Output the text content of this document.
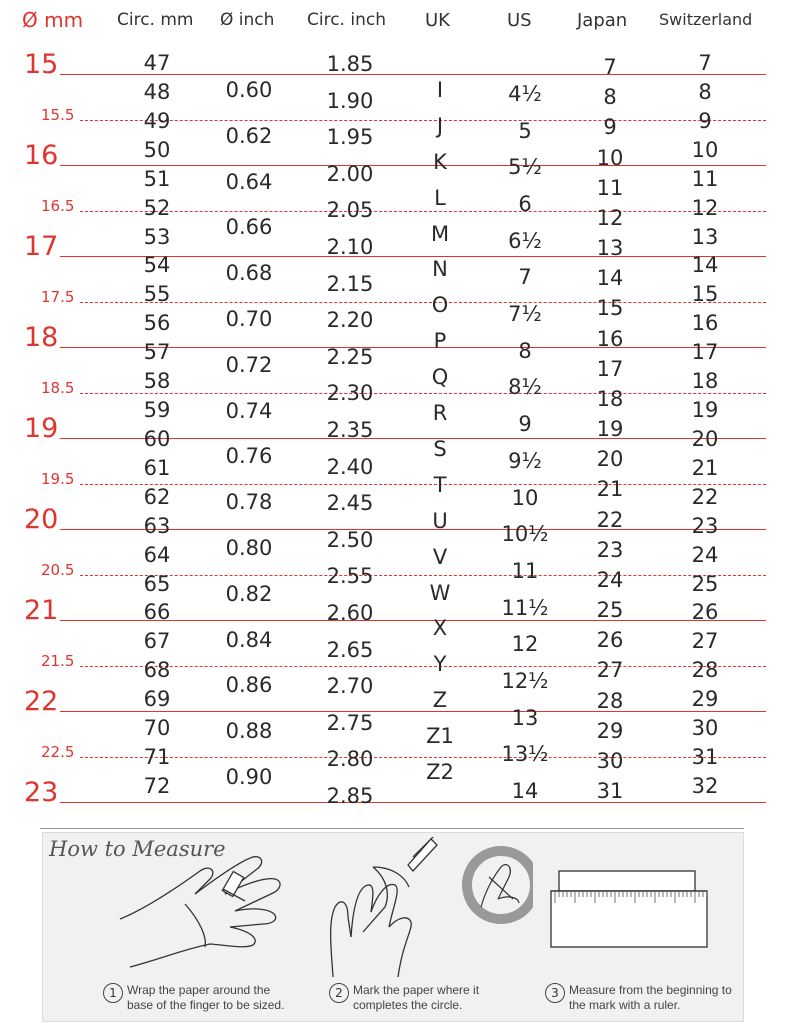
Ø mm Circ. mm Ø inch Circ. inch UK	US	Japan Switzerland
15
15.5
16
16.5
17
17.5
18
18.5
19
19.5
20
20.5
21
21.5
22
22.5
23
47
48
49
50
51
52
53
54
55
56
57
58
59
60
61
62
63
64
65
66
67
68
69
70
71
72
0.60
0.62
0.64
0.66
0.68
0.70
0.72
0.74
0.76
0.78
0.80
0.82
0.84
0.86
0.88
0.90
1.85
1.90
1.95
2.00
2.05
2.10
2.15
2.20
2.25
2.30
2.35
2.40
2.45
2.50
2.55
2.60
2.65
2.70
2.75
2.80
2.85
I
J
K
L
M
N
O
P
Q
R
S
T
U
V
W
X
Y
Z
Z1
Z2
4½
5
5½
6
6½
7
7½
8
8½
9
9½
10
10½
11
11½
12
12½
13
13½
14
7
8
9
10
11
12
13
14
15
16
17
18
19
20
21
22
23
24
25
26
27
28
29
30
31
7
8
9
10
11
12
13
14
15
16
17
18
19
20
21
22
23
24
25
26
27
28
29
30
31
32
How to Measure
1 Wrap the paper around the
base of the finger to be sized.
2 Mark the paper where it
completes the circle.
3 Measure from the beginning to
the mark with a ruler.
